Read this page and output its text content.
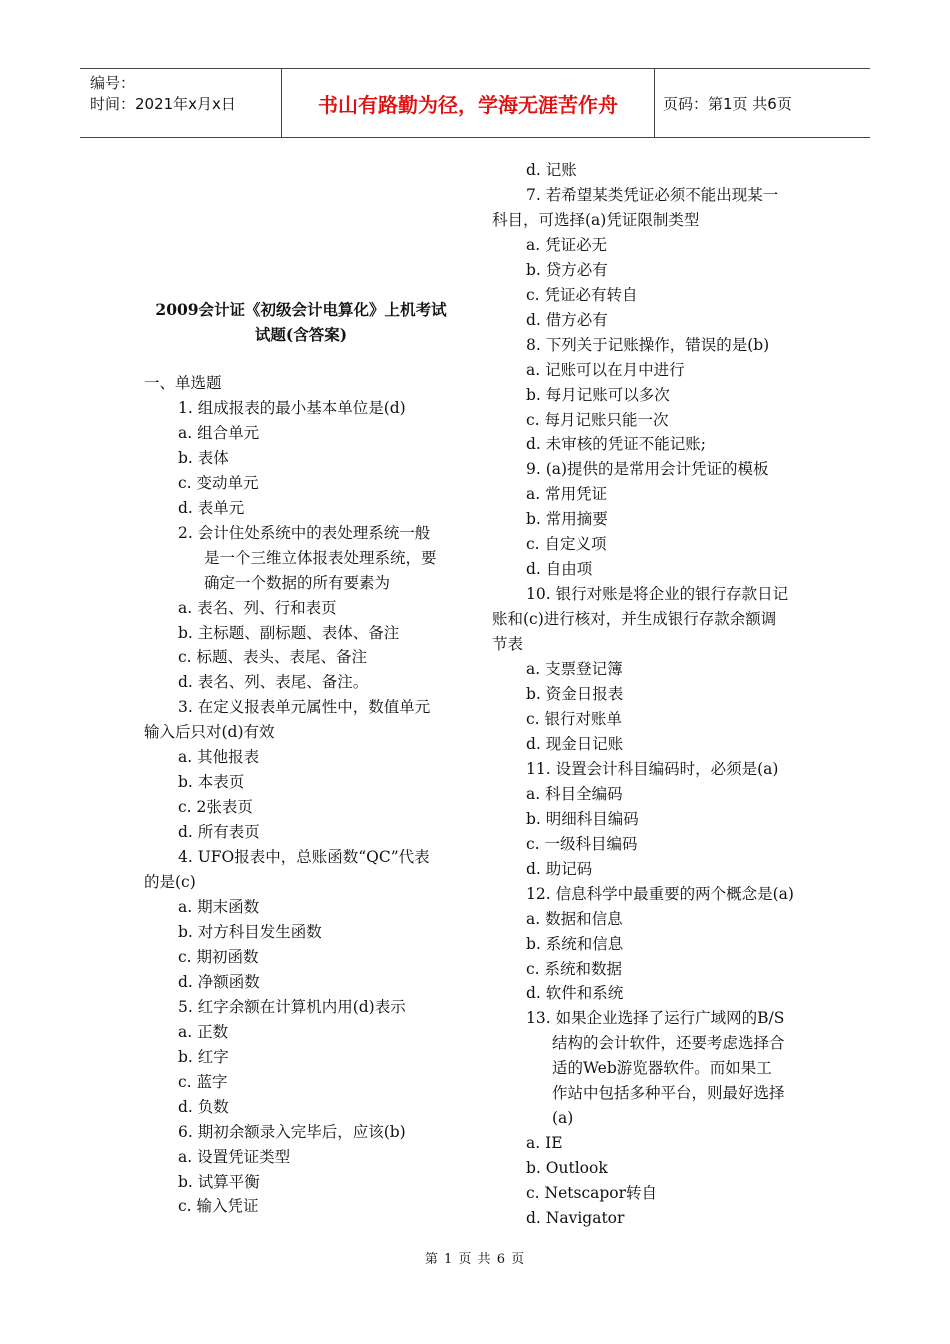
编号：
时间：2021年x月x日	书山有路勤为径，学海无涯苦作舟	页码：第1页 共6页
2009会计证《初级会计电算化》上机考试
试题(含答案)

一、单选题

1. 组成报表的最小基本单位是(d)

a. 组合单元

b. 表体

c. 变动单元

d. 表单元

2. 会计住处系统中的表处理系统一般

是一个三维立体报表处理系统，要

确定一个数据的所有要素为

a. 表名、列、行和表页

b. 主标题、副标题、表体、备注

c. 标题、表头、表尾、备注

d. 表名、列、表尾、备注。

3. 在定义报表单元属性中，数值单元

输入后只对(d)有效

a. 其他报表

b. 本表页

c. 2张表页

d. 所有表页

4. UFO报表中，总账函数“QC”代表

的是(c)

a. 期末函数

b. 对方科目发生函数

c. 期初函数

d. 净额函数

5. 红字余额在计算机内用(d)表示

a. 正数

b. 红字

c. 蓝字

d. 负数

6. 期初余额录入完毕后，应该(b)

a. 设置凭证类型

b. 试算平衡

c. 输入凭证

d. 记账

7. 若希望某类凭证必须不能出现某一

科目，可选择(a)凭证限制类型

a. 凭证必无

b. 贷方必有

c. 凭证必有转自

d. 借方必有

8. 下列关于记账操作，错误的是(b)

a. 记账可以在月中进行

b. 每月记账可以多次

c. 每月记账只能一次

d. 未审核的凭证不能记账;

9. (a)提供的是常用会计凭证的模板

a. 常用凭证

b. 常用摘要

c. 自定义项

d. 自由项

10. 银行对账是将企业的银行存款日记

账和(c)进行核对，并生成银行存款余额调

节表

a. 支票登记簿

b. 资金日报表

c. 银行对账单

d. 现金日记账

11. 设置会计科目编码时，必须是(a)

a. 科目全编码

b. 明细科目编码

c. 一级科目编码

d. 助记码

12. 信息科学中最重要的两个概念是(a)

a. 数据和信息

b. 系统和信息

c. 系统和数据

d. 软件和系统

13. 如果企业选择了运行广域网的B/S

结构的会计软件，还要考虑选择合

适的Web游览器软件。而如果工

作站中包括多种平台，则最好选择

(a)

a. IE

b. Outlook

c. Netscapor转自

d. Navigator

第 1 页 共 6 页
